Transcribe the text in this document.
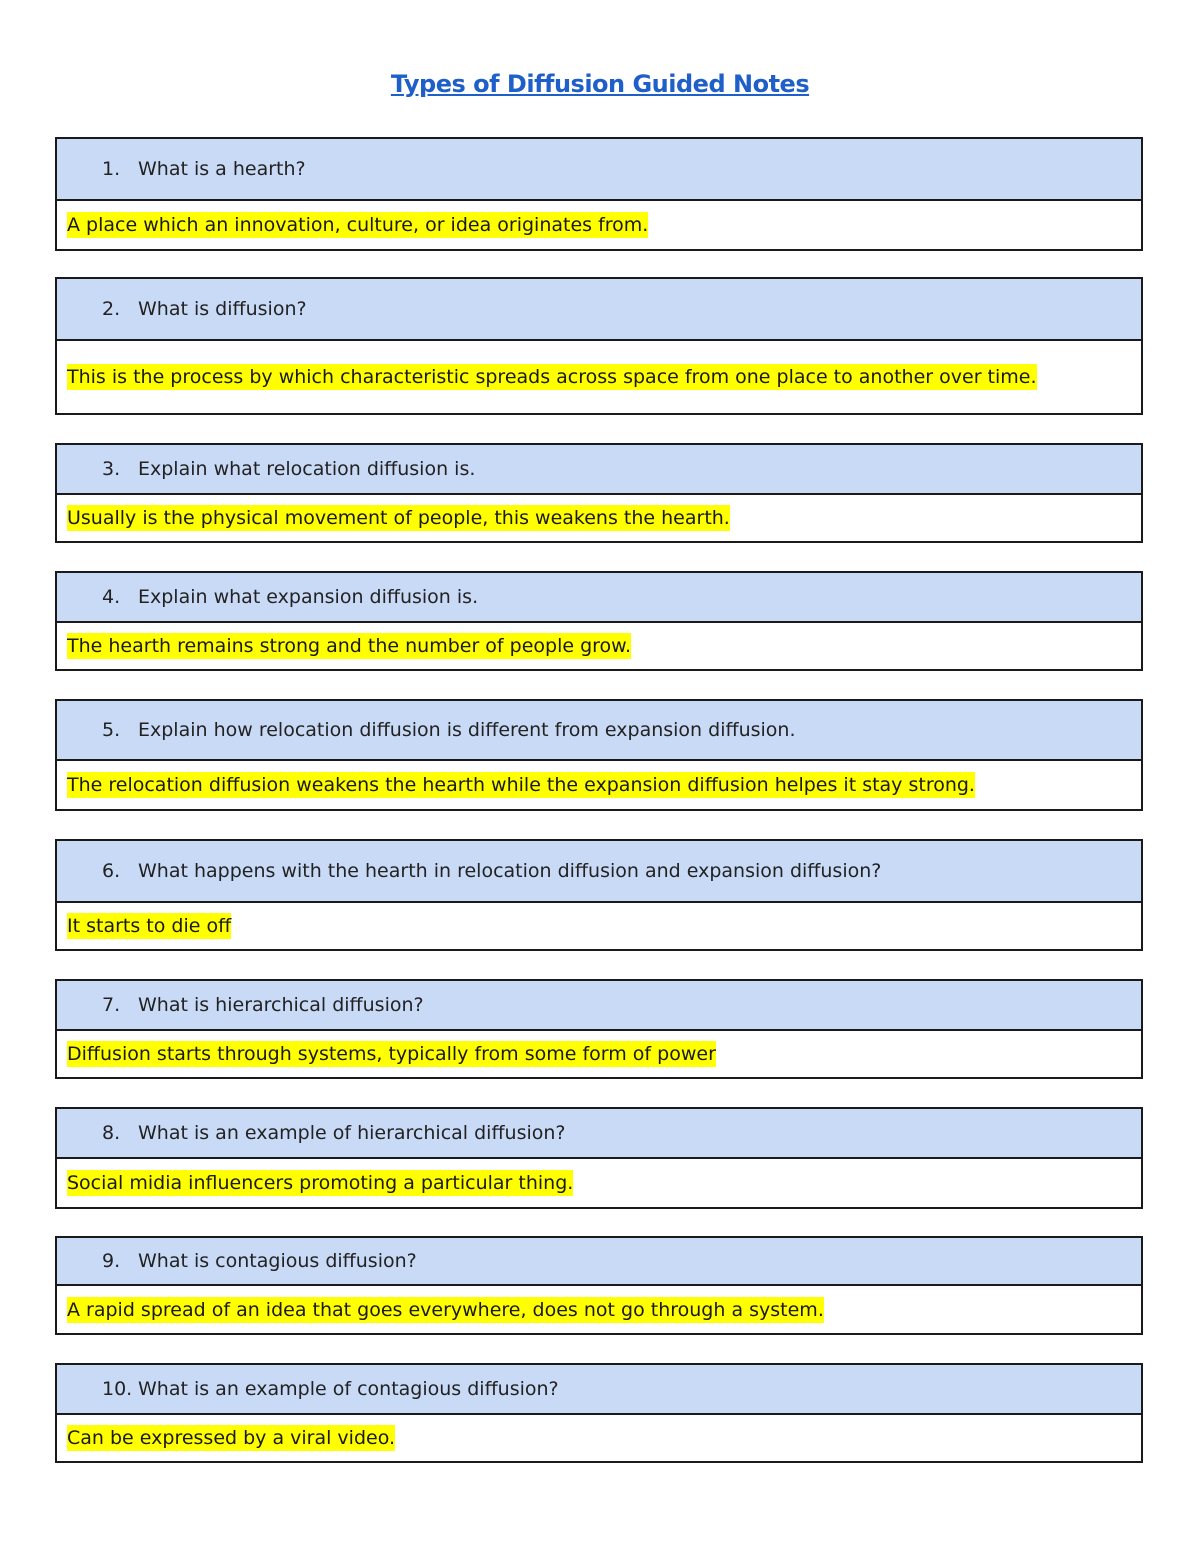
Types of Diffusion Guided Notes
1. What is a hearth?
A place which an innovation, culture, or idea originates from.
2. What is diffusion?
This is the process by which characteristic spreads across space from one place to another over time.
3. Explain what relocation diffusion is.
Usually is the physical movement of people, this weakens the hearth.
4. Explain what expansion diffusion is.
The hearth remains strong and the number of people grow.
5. Explain how relocation diffusion is different from expansion diffusion.
The relocation diffusion weakens the hearth while the expansion diffusion helpes it stay strong.
6. What happens with the hearth in relocation diffusion and expansion diffusion?
It starts to die off
7. What is hierarchical diffusion?
Diffusion starts through systems, typically from some form of power
8. What is an example of hierarchical diffusion?
Social midia influencers promoting a particular thing.
9. What is contagious diffusion?
A rapid spread of an idea that goes everywhere, does not go through a system.
10. What is an example of contagious diffusion?
Can be expressed by a viral video.
